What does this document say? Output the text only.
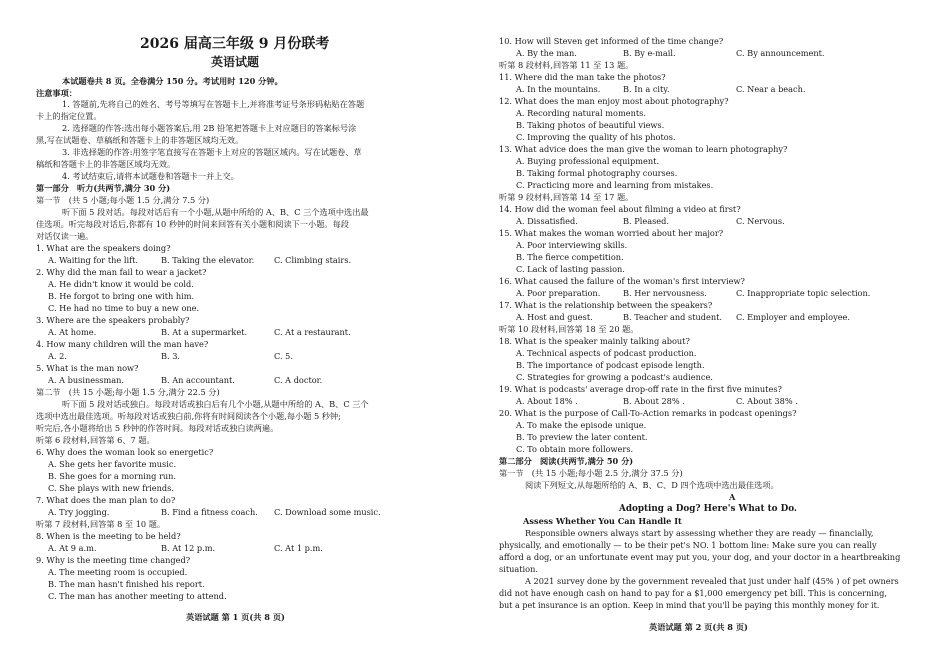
2026 届高三年级 9 月份联考
英语试题
本试题卷共 8 页。全卷满分 150 分。考试用时 120 分钟。
注意事项：
1. 答题前,先将自己的姓名、考号等填写在答题卡上,并将准考证号条形码粘贴在答题
卡上的指定位置。
2. 选择题的作答:选出每小题答案后,用 2B 铅笔把答题卡上对应题目的答案标号涂
黑,写在试题卷、草稿纸和答题卡上的非答题区域均无效。
3. 非选择题的作答:用签字笔直接写在答题卡上对应的答题区域内。写在试题卷、草
稿纸和答题卡上的非答题区域均无效。
4. 考试结束后,请将本试题卷和答题卡一并上交。
第一部分　听力(共两节,满分 30 分)
第一节　(共 5 小题;每小题 1.5 分,满分 7.5 分)
听下面 5 段对话。每段对话后有一个小题,从题中所给的 A、B、C 三个选项中选出最
佳选项。听完每段对话后,你都有 10 秒钟的时间来回答有关小题和阅读下一小题。每段
对话仅读一遍。
1. What are the speakers doing?
A. Waiting for the lift.	B. Taking the elevator. C. Climbing stairs.
2. Why did the man fail to wear a jacket?
A. He didn't know it would be cold.
B. He forgot to bring one with him.
C. He had no time to buy a new one.
3. Where are the speakers probably?
A. At home.	B. At a supermarket.	C. At a restaurant.
4. How many children will the man have?
A. 2.	B. 3.	C. 5.
5. What is the man now?
A. A businessman.	B. An accountant.	C. A doctor.
第二节　(共 15 小题;每小题 1.5 分,满分 22.5 分)
听下面 5 段对话或独白。每段对话或独白后有几个小题,从题中所给的 A、B、C 三个
选项中选出最佳选项。听每段对话或独白前,你将有时间阅读各个小题,每小题 5 秒钟;
听完后,各小题将给出 5 秒钟的作答时间。每段对话或独白读两遍。
听第 6 段材料,回答第 6、7 题。
6. Why does the woman look so energetic?
A. She gets her favorite music.
B. She goes for a morning run.
C. She plays with new friends.
7. What does the man plan to do?
A. Try jogging.	B. Find a fitness coach. C. Download some music.
听第 7 段材料,回答第 8 至 10 题。
8. When is the meeting to be held?
A. At 9 a.m.	B. At 12 p.m.	C. At 1 p.m.
9. Why is the meeting time changed?
A. The meeting room is occupied.
B. The man hasn't finished his report.
C. The man has another meeting to attend.
英语试题 第 1 页(共 8 页)
10. How will Steven get informed of the time change?
A. By the man.	B. By e-mail.	C. By announcement.
听第 8 段材料,回答第 11 至 13 题。
11. Where did the man take the photos?
A. In the mountains.	B. In a city.	C. Near a beach.
12. What does the man enjoy most about photography?
A. Recording natural moments.
B. Taking photos of beautiful views.
C. Improving the quality of his photos.
13. What advice does the man give the woman to learn photography?
A. Buying professional equipment.
B. Taking formal photography courses.
C. Practicing more and learning from mistakes.
听第 9 段材料,回答第 14 至 17 题。
14. How did the woman feel about filming a video at first?
A. Dissatisfied.	B. Pleased.	C. Nervous.
15. What makes the woman worried about her major?
A. Poor interviewing skills.
B. The fierce competition.
C. Lack of lasting passion.
16. What caused the failure of the woman's first interview?
A. Poor preparation.	B. Her nervousness.	C. Inappropriate topic selection.
17. What is the relationship between the speakers?
A. Host and guest.	B. Teacher and student. C. Employer and employee.
听第 10 段材料,回答第 18 至 20 题。
18. What is the speaker mainly talking about?
A. Technical aspects of podcast production.
B. The importance of podcast episode length.
C. Strategies for growing a podcast's audience.
19. What is podcasts' average drop-off rate in the first five minutes?
A. About 18% .	B. About 28% .	C. About 38% .
20. What is the purpose of Call-To-Action remarks in podcast openings?
A. To make the episode unique.
B. To preview the later content.
C. To obtain more followers.
第二部分　阅读(共两节,满分 50 分)
第一节　(共 15 小题;每小题 2.5 分,满分 37.5 分)
阅读下列短文,从每题所给的 A、B、C、D 四个选项中选出最佳选项。
A
Adopting a Dog? Here's What to Do.
Assess Whether You Can Handle It
Responsible owners always start by assessing whether they are ready — financially,
physically, and emotionally — to be their pet's NO. 1 bottom line: Make sure you can really
afford a dog, or an unfortunate event may put you, your dog, and your doctor in a heartbreaking
situation.
A 2021 survey done by the government revealed that just under half (45% ) of pet owners
did not have enough cash on hand to pay for a $1,000 emergency pet bill. This is concerning,
but a pet insurance is an option. Keep in mind that you'll be paying this monthly money for it.
英语试题 第 2 页(共 8 页)
